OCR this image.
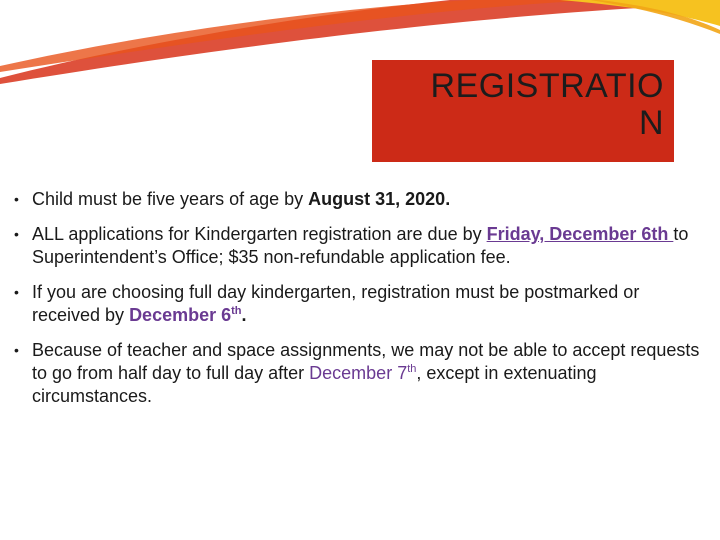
REGISTRATIO
N
• Child must be five years of age by August 31, 2020.
• ALL applications for Kindergarten registration are due by Friday, December 6th to Superintendent’s Office; $35 non-refundable application fee.
• If you are choosing full day kindergarten, registration must be postmarked or received by December 6th.
• Because of teacher and space assignments, we may not be able to accept requests to go from half day to full day after December 7th, except in extenuating circumstances.
